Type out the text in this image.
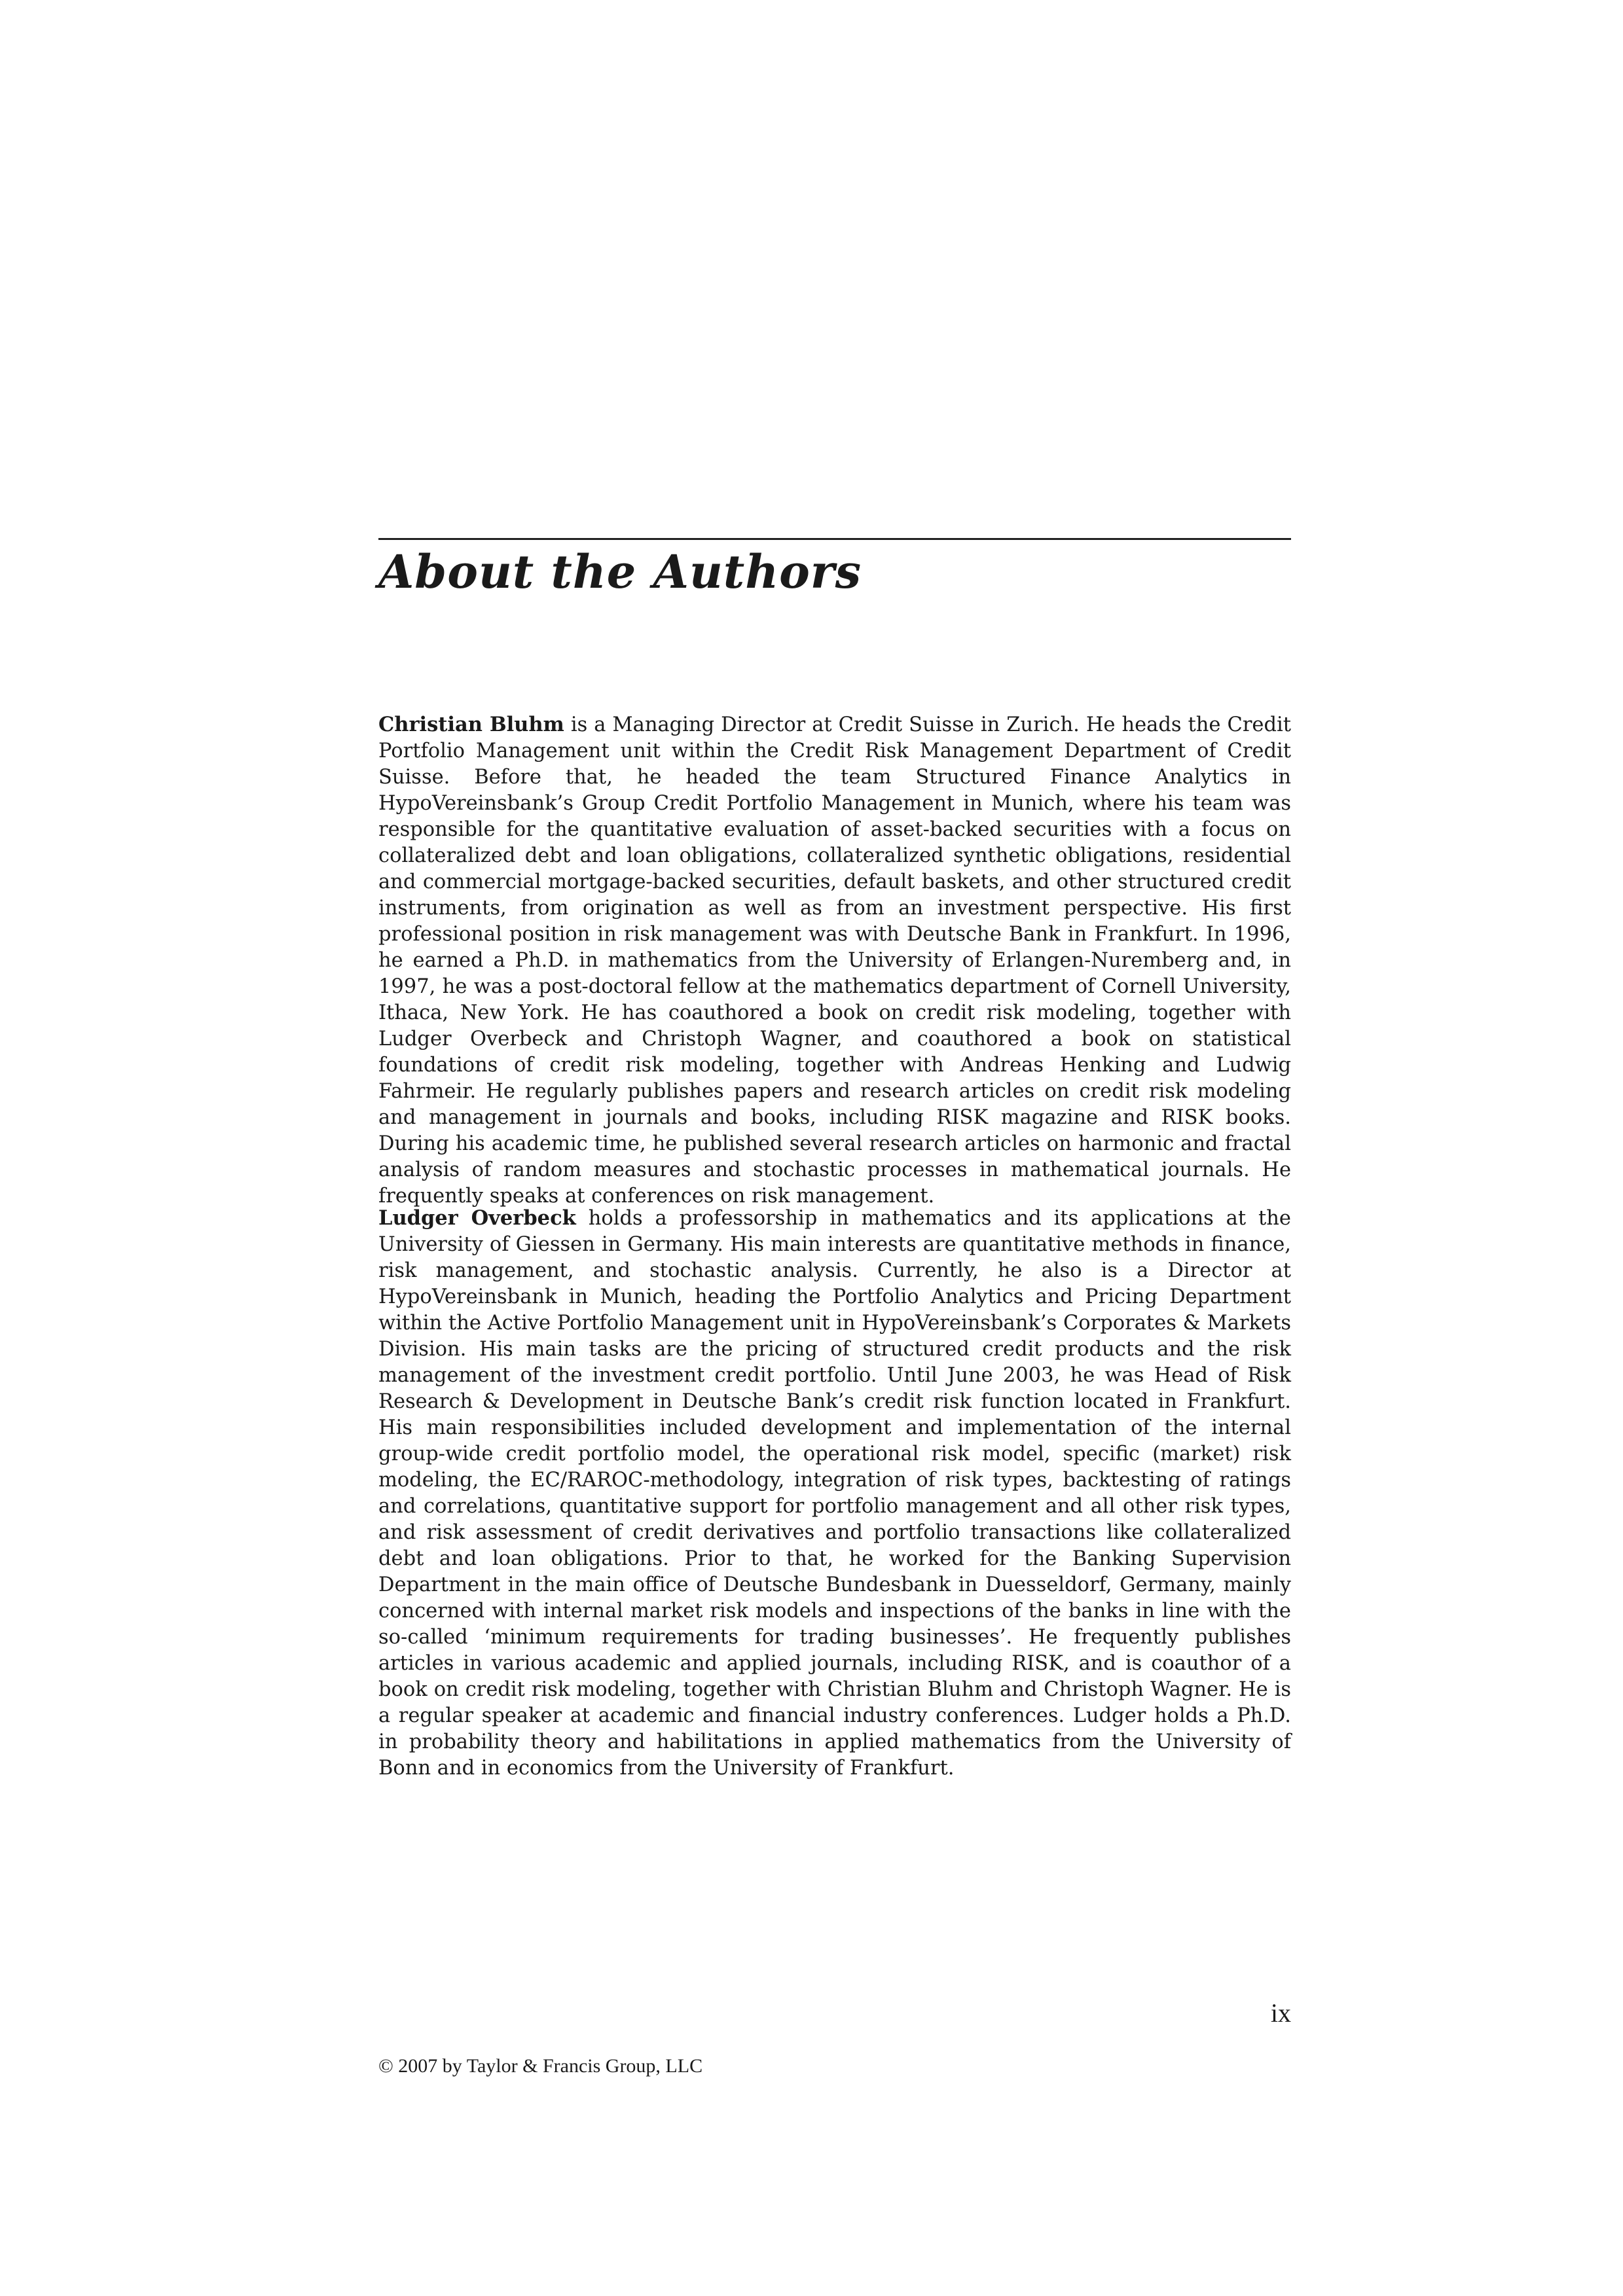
About the Authors

Christian Bluhm is a Managing Director at Credit Suisse in Zurich. He heads the Credit Portfolio Management unit within the Credit Risk Management Department of Credit Suisse. Before that, he headed the team Structured Finance Analytics in HypoVereinsbank’s Group Credit Portfolio Management in Munich, where his team was responsible for the quantitative evaluation of asset-backed securities with a focus on collateralized debt and loan obligations, collateralized synthetic obligations, residential and commercial mortgage-backed securities, default baskets, and other structured credit instruments, from origination as well as from an investment perspective. His first professional position in risk management was with Deutsche Bank in Frankfurt. In 1996, he earned a Ph.D. in mathematics from the University of Erlangen-Nuremberg and, in 1997, he was a post-doctoral fellow at the mathematics department of Cornell University, Ithaca, New York. He has coauthored a book on credit risk modeling, together with Ludger Overbeck and Christoph Wagner, and coauthored a book on statistical foundations of credit risk modeling, together with Andreas Henking and Ludwig Fahrmeir. He regularly publishes papers and research articles on credit risk modeling and management in journals and books, including RISK magazine and RISK books. During his academic time, he published several research articles on harmonic and fractal analysis of random measures and stochastic processes in mathematical journals. He frequently speaks at conferences on risk management.

Ludger Overbeck holds a professorship in mathematics and its applications at the University of Giessen in Germany. His main interests are quantitative methods in finance, risk management, and stochastic analysis. Currently, he also is a Director at HypoVereinsbank in Munich, heading the Portfolio Analytics and Pricing Department within the Active Portfolio Management unit in HypoVereinsbank’s Corporates & Markets Division. His main tasks are the pricing of structured credit products and the risk management of the investment credit portfolio. Until June 2003, he was Head of Risk Research & Development in Deutsche Bank’s credit risk function located in Frankfurt. His main responsibilities included development and implementation of the internal group-wide credit portfolio model, the operational risk model, specific (market) risk modeling, the EC/RAROC-methodology, integration of risk types, backtesting of ratings and correlations, quantitative support for portfolio management and all other risk types, and risk assessment of credit derivatives and portfolio transactions like collateralized debt and loan obligations. Prior to that, he worked for the Banking Supervision Department in the main office of Deutsche Bundesbank in Duesseldorf, Germany, mainly concerned with internal market risk models and inspections of the banks in line with the so-called ‘minimum requirements for trading businesses’. He frequently publishes articles in various academic and applied journals, including RISK, and is coauthor of a book on credit risk modeling, together with Christian Bluhm and Christoph Wagner. He is a regular speaker at academic and financial industry conferences. Ludger holds a Ph.D. in probability theory and habilitations in applied mathematics from the University of Bonn and in economics from the University of Frankfurt.

ix

© 2007 by Taylor & Francis Group, LLC
